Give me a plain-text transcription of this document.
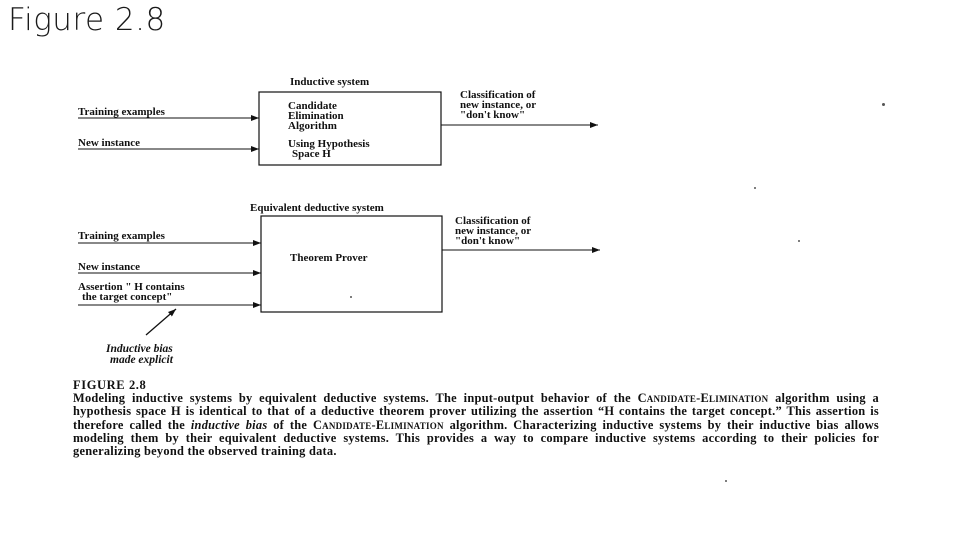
Figure 2.8
Inductive system
Training examples
New instance
Candidate
Elimination
Algorithm
Using Hypothesis
Space H
Classification of
new instance, or
"don't know"
Equivalent deductive system
Training examples
New instance
Assertion " H contains
the target concept"
Theorem Prover
Classification of
new instance, or
"don't know"
Inductive bias
made explicit
FIGURE 2.8
Modeling inductive systems by equivalent deductive systems. The input-output behavior of the Candidate-Elimination algorithm using a hypothesis space H is identical to that of a deductive theorem prover utilizing the assertion “H contains the target concept.” This assertion is therefore called the inductive bias of the Candidate-Elimination algorithm. Characterizing inductive systems by their inductive bias allows modeling them by their equivalent deductive systems. This provides a way to compare inductive systems according to their policies for generalizing beyond the observed training data.
